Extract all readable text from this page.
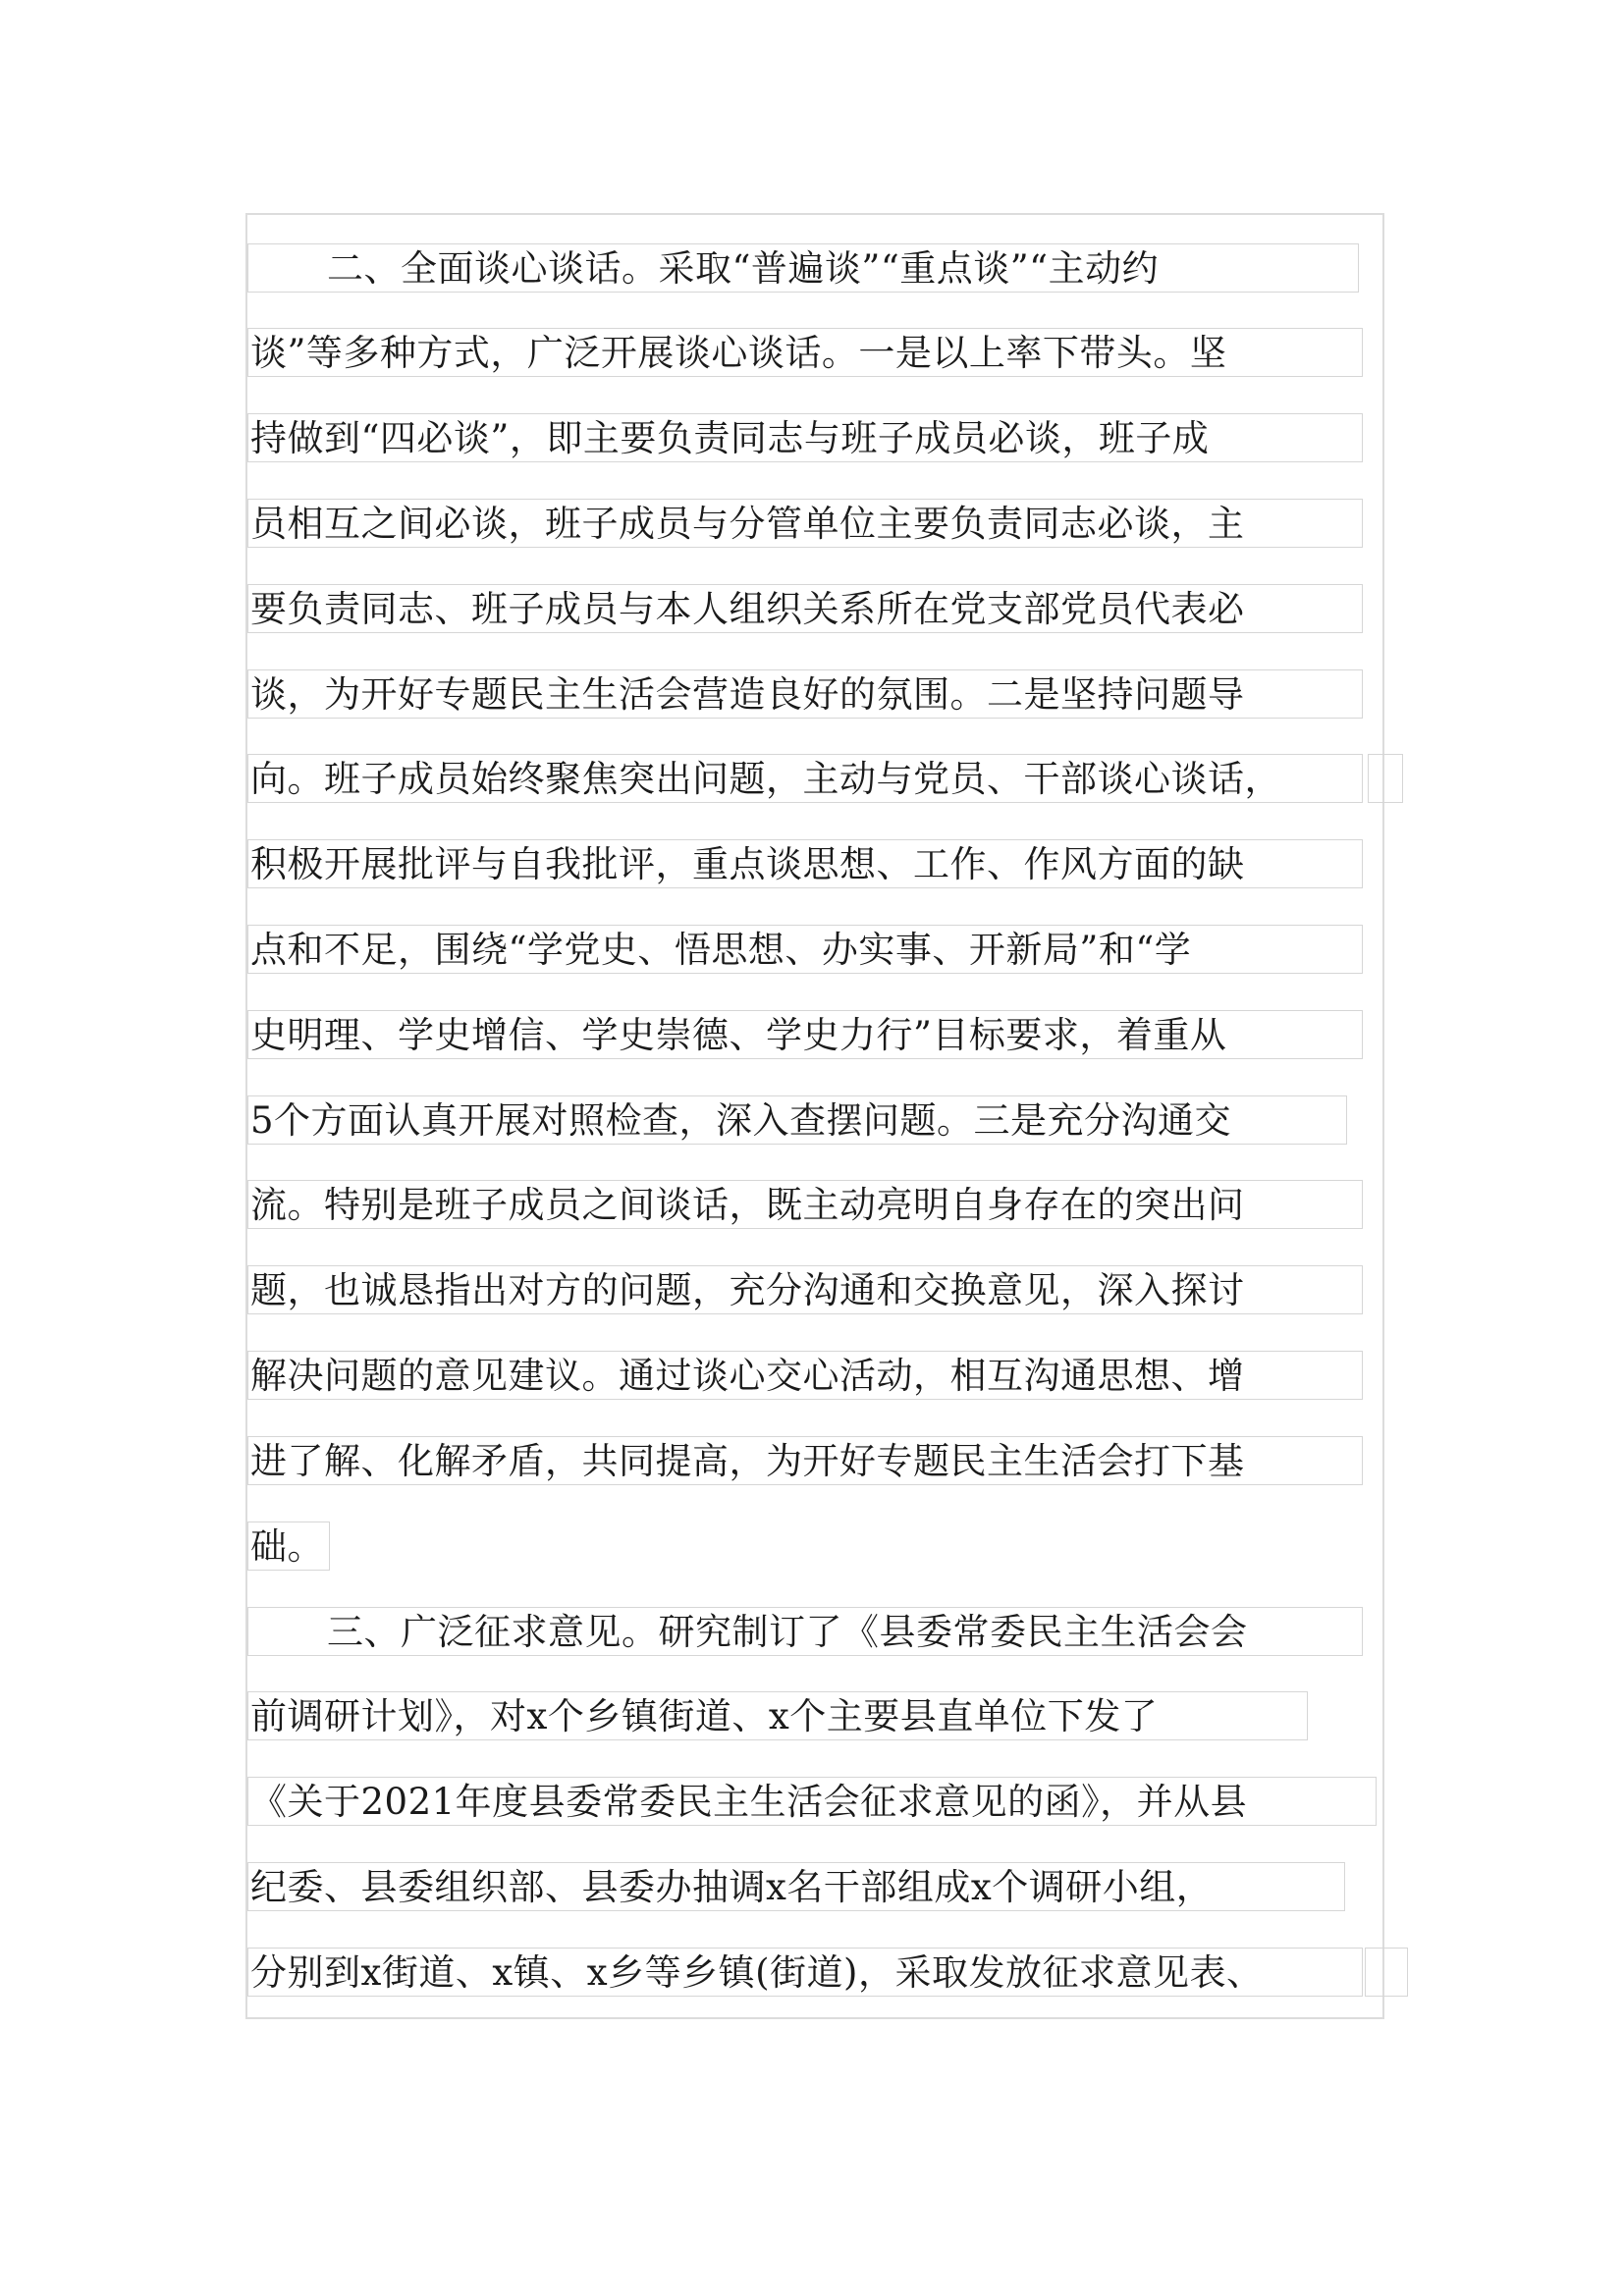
二、全面谈心谈话。采取“普遍谈”“重点谈”“主动约
谈”等多种方式，广泛开展谈心谈话。一是以上率下带头。坚
持做到“四必谈”，即主要负责同志与班子成员必谈，班子成
员相互之间必谈，班子成员与分管单位主要负责同志必谈，主
要负责同志、班子成员与本人组织关系所在党支部党员代表必
谈，为开好专题民主生活会营造良好的氛围。二是坚持问题导
向。班子成员始终聚焦突出问题，主动与党员、干部谈心谈话，
积极开展批评与自我批评，重点谈思想、工作、作风方面的缺
点和不足，围绕“学党史、悟思想、办实事、开新局”和“学
史明理、学史增信、学史崇德、学史力行”目标要求，着重从
5个方面认真开展对照检查，深入查摆问题。三是充分沟通交
流。特别是班子成员之间谈话，既主动亮明自身存在的突出问
题，也诚恳指出对方的问题，充分沟通和交换意见，深入探讨
解决问题的意见建议。通过谈心交心活动，相互沟通思想、增
进了解、化解矛盾，共同提高，为开好专题民主生活会打下基
础。
三、广泛征求意见。研究制订了《县委常委民主生活会会
前调研计划》，对x个乡镇街道、x个主要县直单位下发了
《关于2021年度县委常委民主生活会征求意见的函》，并从县
纪委、县委组织部、县委办抽调x名干部组成x个调研小组，
分别到x街道、x镇、x乡等乡镇(街道)，采取发放征求意见表、
